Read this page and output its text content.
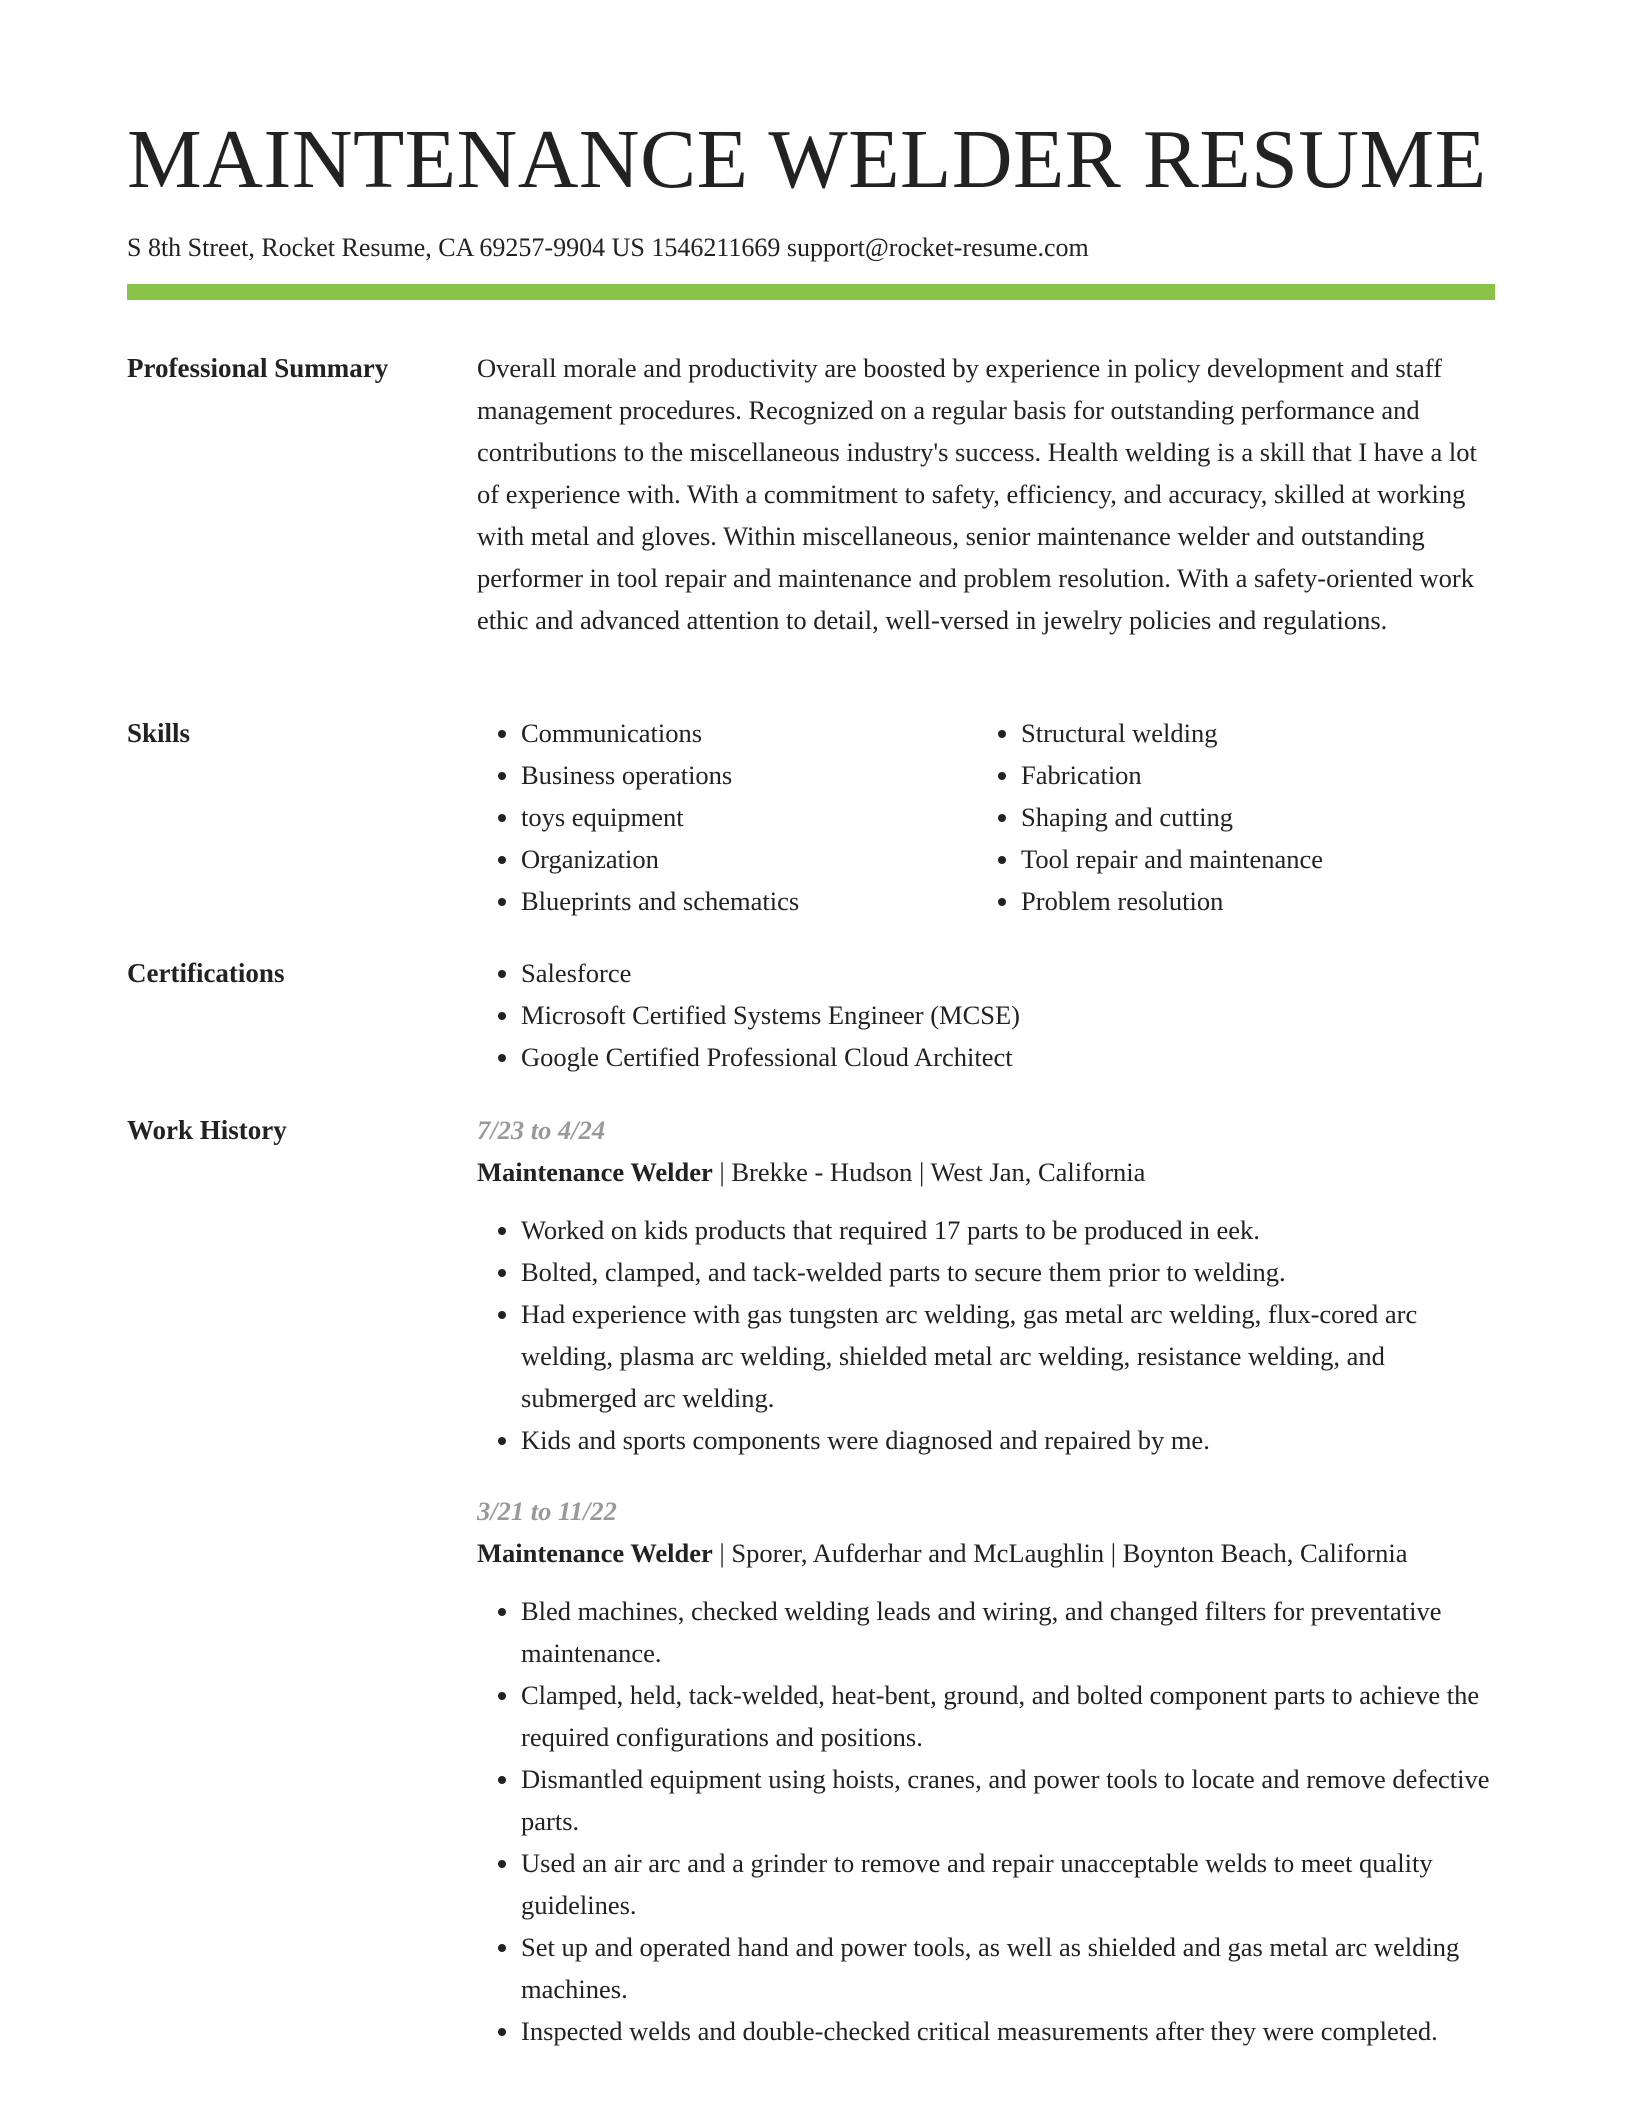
MAINTENANCE WELDER RESUME
S 8th Street, Rocket Resume, CA 69257-9904 US 1546211669 support@rocket-resume.com
Professional Summary	Overall morale and productivity are boosted by experience in policy development and staff management procedures. Recognized on a regular basis for outstanding performance and contributions to the miscellaneous industry's success. Health welding is a skill that I have a lot of experience with. With a commitment to safety, efficiency, and accuracy, skilled at working with metal and gloves. Within miscellaneous, senior maintenance welder and outstanding performer in tool repair and maintenance and problem resolution. With a safety-oriented work ethic and advanced attention to detail, well-versed in jewelry policies and regulations.

Skills	• Communications
• Business operations
• toys equipment
• Organization
• Blueprints and schematics
• Structural welding
• Fabrication
• Shaping and cutting
• Tool repair and maintenance
• Problem resolution
Certifications	• Salesforce
• Microsoft Certified Systems Engineer (MCSE)
• Google Certified Professional Cloud Architect
Work History	7/23 to 4/24
Maintenance Welder | Brekke - Hudson | West Jan, California
• Worked on kids products that required 17 parts to be produced in eek.
• Bolted, clamped, and tack-welded parts to secure them prior to welding.
• Had experience with gas tungsten arc welding, gas metal arc welding, flux-cored arc welding, plasma arc welding, shielded metal arc welding, resistance welding, and submerged arc welding.
• Kids and sports components were diagnosed and repaired by me.
3/21 to 11/22
Maintenance Welder | Sporer, Aufderhar and McLaughlin | Boynton Beach, California
• Bled machines, checked welding leads and wiring, and changed filters for preventative maintenance.
• Clamped, held, tack-welded, heat-bent, ground, and bolted component parts to achieve the required configurations and positions.
• Dismantled equipment using hoists, cranes, and power tools to locate and remove defective parts.
• Used an air arc and a grinder to remove and repair unacceptable welds to meet quality guidelines.
• Set up and operated hand and power tools, as well as shielded and gas metal arc welding machines.
• Inspected welds and double-checked critical measurements after they were completed.
